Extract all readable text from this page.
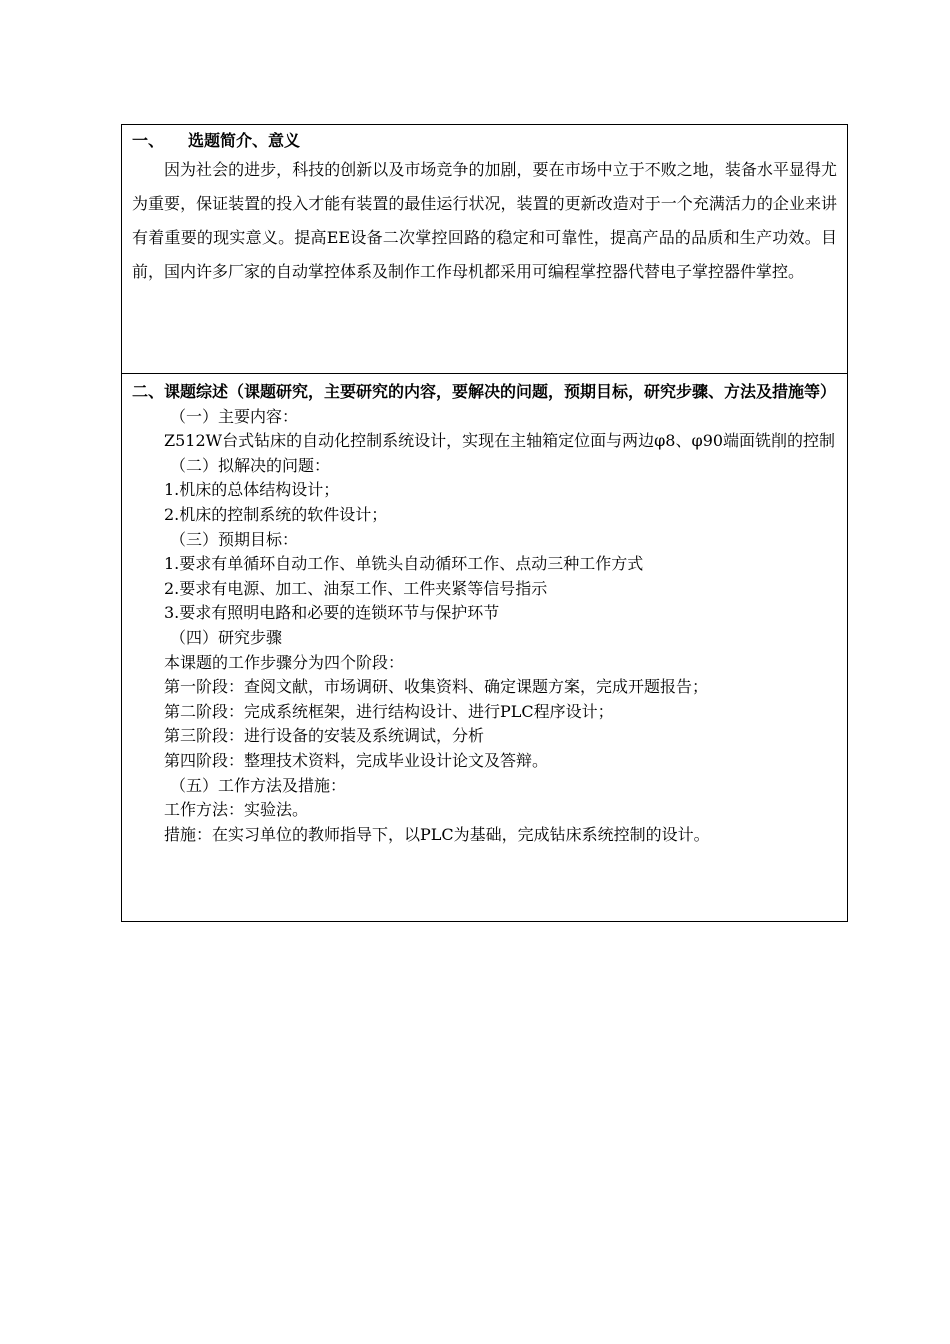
一、	选题简介、意义

因为社会的进步，科技的创新以及市场竞争的加剧，要在市场中立于不败之地，装备水平显得尤为重要，保证装置的投入才能有装置的最佳运行状况，装置的更新改造对于一个充满活力的企业来讲有着重要的现实意义。提高EE设备二次掌控回路的稳定和可靠性，提高产品的品质和生产功效。目前，国内许多厂家的自动掌控体系及制作工作母机都采用可编程掌控器代替电子掌控器件掌控。

二、课题综述（课题研究，主要研究的内容，要解决的问题，预期目标，研究步骤、方法及措施等）

（一）主要内容：

Z512W台式钻床的自动化控制系统设计，实现在主轴箱定位面与两边φ8、φ90端面铣削的控制

（二）拟解决的问题：

1.机床的总体结构设计；

2.机床的控制系统的软件设计；

（三）预期目标：

1.要求有单循环自动工作、单铣头自动循环工作、点动三种工作方式

2.要求有电源、加工、油泵工作、工件夹紧等信号指示

3.要求有照明电路和必要的连锁环节与保护环节

（四）研究步骤

本课题的工作步骤分为四个阶段：

第一阶段：查阅文献，市场调研、收集资料、确定课题方案，完成开题报告；

第二阶段：完成系统框架，进行结构设计、进行PLC程序设计；

第三阶段：进行设备的安装及系统调试，分析

第四阶段：整理技术资料，完成毕业设计论文及答辩。

（五）工作方法及措施：

工作方法：实验法。

措施：在实习单位的教师指导下，以PLC为基础，完成钻床系统控制的设计。
